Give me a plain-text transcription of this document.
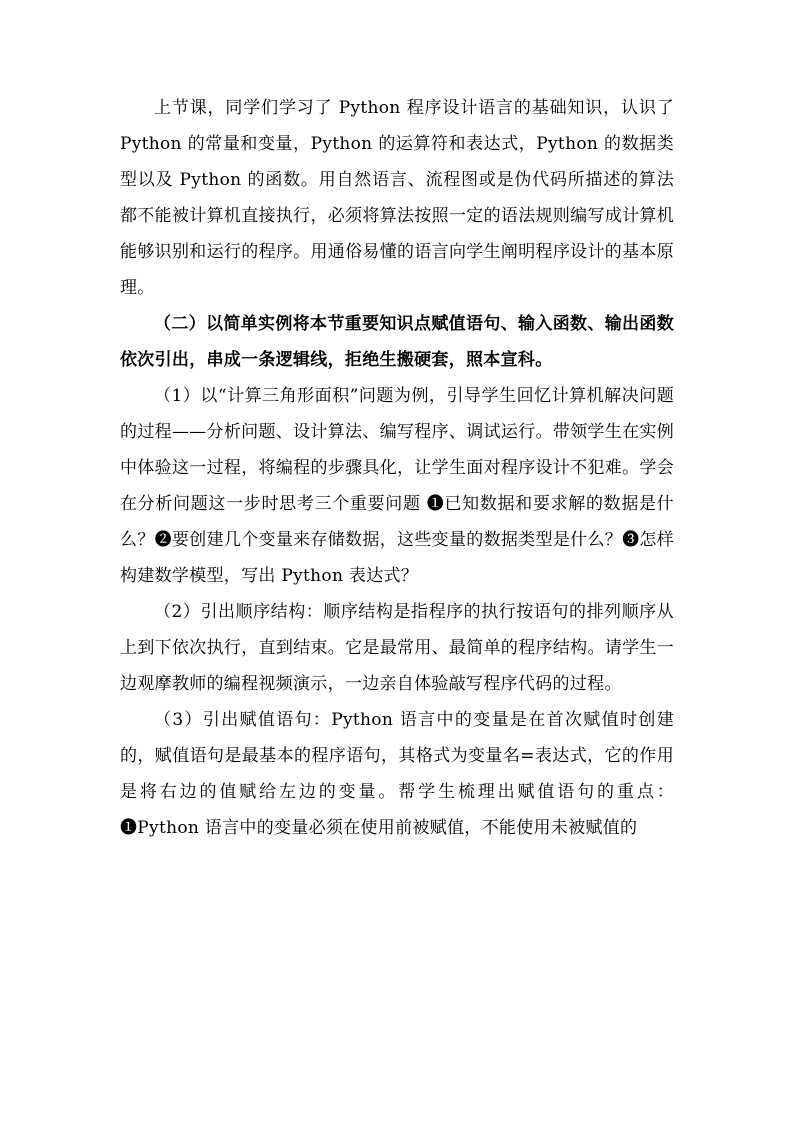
上节课，同学们学习了 Python 程序设计语言的基础知识，认识了 Python 的常量和变量，Python 的运算符和表达式，Python 的数据类型以及 Python 的函数。用自然语言、流程图或是伪代码所描述的算法都不能被计算机直接执行，必须将算法按照一定的语法规则编写成计算机能够识别和运行的程序。用通俗易懂的语言向学生阐明程序设计的基本原理。

（二）以简单实例将本节重要知识点赋值语句、输入函数、输出函数依次引出，串成一条逻辑线，拒绝生搬硬套，照本宣科。

（1）以“计算三角形面积”问题为例，引导学生回忆计算机解决问题的过程——分析问题、设计算法、编写程序、调试运行。带领学生在实例中体验这一过程，将编程的步骤具化，让学生面对程序设计不犯难。学会在分析问题这一步时思考三个重要问题 ❶已知数据和要求解的数据是什么？❷要创建几个变量来存储数据，这些变量的数据类型是什么？❸怎样构建数学模型，写出 Python 表达式？

（2）引出顺序结构：顺序结构是指程序的执行按语句的排列顺序从上到下依次执行，直到结束。它是最常用、最简单的程序结构。请学生一边观摩教师的编程视频演示，一边亲自体验敲写程序代码的过程。

（3）引出赋值语句：Python 语言中的变量是在首次赋值时创建的，赋值语句是最基本的程序语句，其格式为变量名=表达式，它的作用是将右边的值赋给左边的变量。帮学生梳理出赋值语句的重点：❶Python 语言中的变量必须在使用前被赋值，不能使用未被赋值的
